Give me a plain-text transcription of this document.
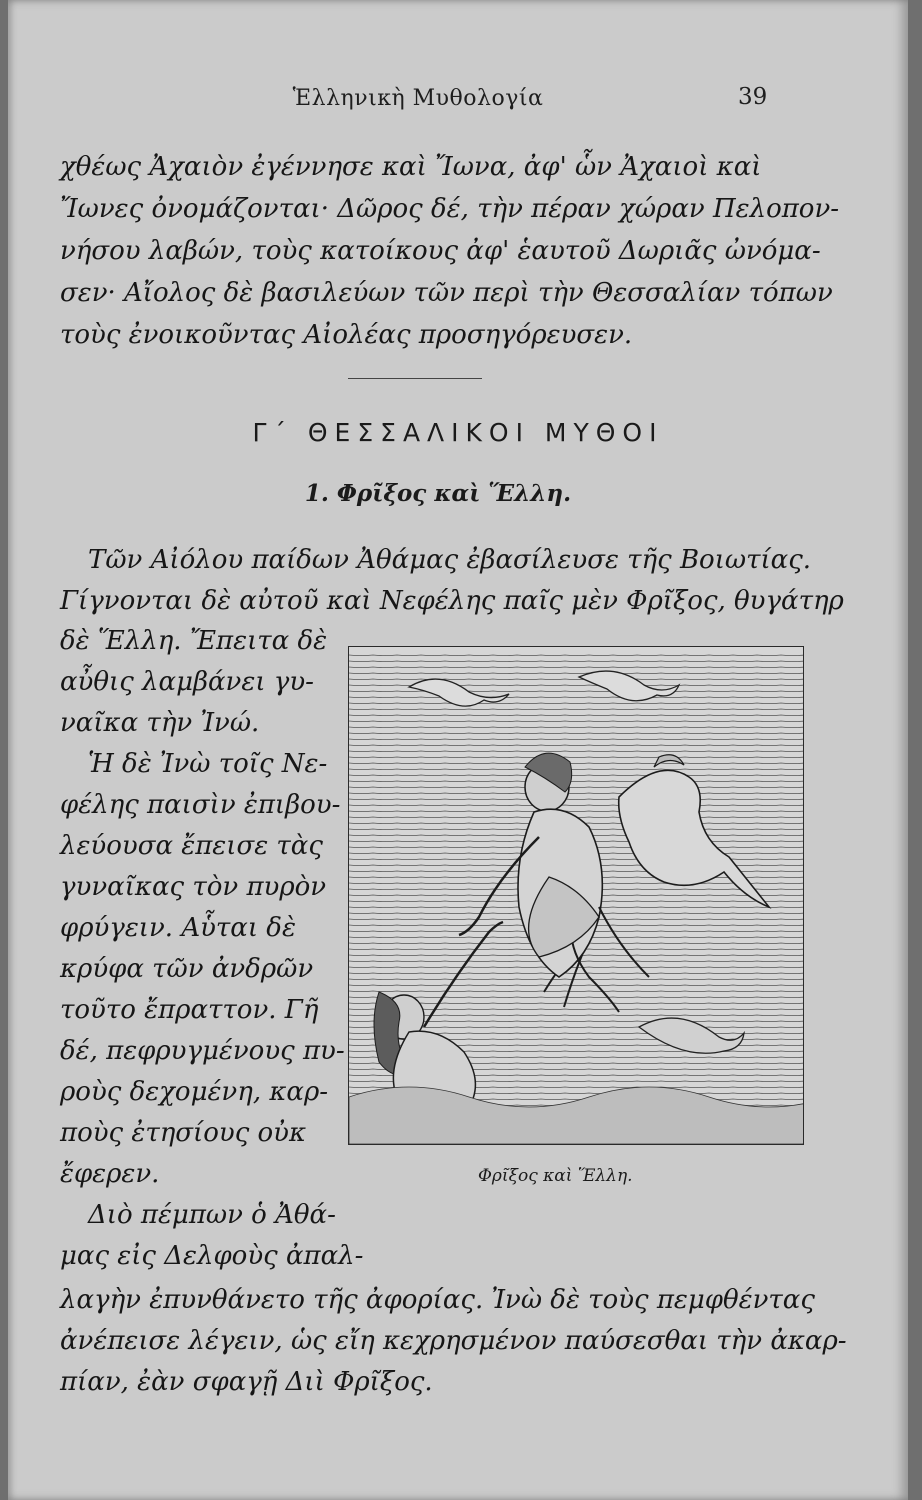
Ἑλληνικὴ Μυθολογία	39
χθέως Ἀχαιὸν ἐγέννησε καὶ Ἴωνα, ἀφ' ὧν Ἀχαιοὶ καὶ
Ἴωνες ὀνομάζονται· Δῶρος δέ, τὴν πέραν χώραν Πελοπον-
νήσου λαβών, τοὺς κατοίκους ἀφ' ἑαυτοῦ Δωριᾶς ὠνόμα-
σεν· Αἴολος δὲ βασιλεύων τῶν περὶ τὴν Θεσσαλίαν τόπων
τοὺς ἐνοικοῦντας Αἰολέας προσηγόρευσεν.
Γ΄ ΘΕΣΣΑΛΙΚΟΙ ΜΥΘΟΙ
1. Φρῖξος καὶ Ἕλλη.
Τῶν Αἰόλου παίδων Ἀθάμας ἐβασίλευσε τῆς Βοιωτίας.
Γίγνονται δὲ αὐτοῦ καὶ Νεφέλης παῖς μὲν Φρῖξος, θυγάτηρ
δὲ Ἕλλη. Ἔπειτα δὲ
αὖθις λαμβάνει γυ-
ναῖκα τὴν Ἰνώ.
Ἡ δὲ Ἰνὼ τοῖς Νε-
φέλης παισὶν ἐπιβου-
λεύουσα ἔπεισε τὰς
γυναῖκας τὸν πυρὸν
φρύγειν. Αὗται δὲ
κρύφα τῶν ἀνδρῶν
τοῦτο ἔπραττον. Γῆ
δέ, πεφρυγμένους πυ-
ροὺς δεχομένη, καρ-
ποὺς ἐτησίους οὐκ
ἔφερεν.
Διὸ πέμπων ὁ Ἀθά-
μας εἰς Δελφοὺς ἀπαλ-
Φρῖξος καὶ Ἕλλη.
λαγὴν ἐπυνθάνετο τῆς ἀφορίας. Ἰνὼ δὲ τοὺς πεμφθέντας
ἀνέπεισε λέγειν, ὡς εἴη κεχρησμένον παύσεσθαι τὴν ἀκαρ-
πίαν, ἐὰν σφαγῇ Διὶ Φρῖξος.
